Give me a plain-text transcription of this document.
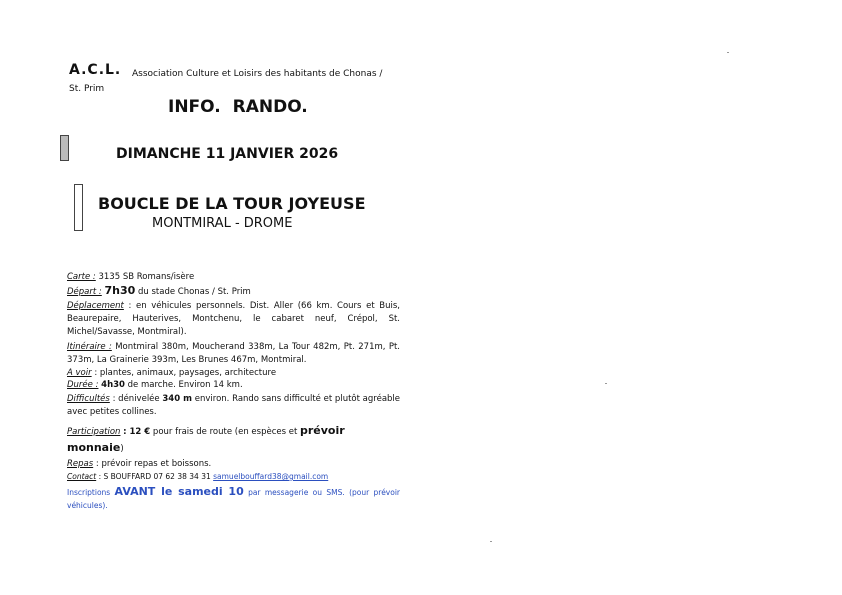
A.C.L. Association Culture et Loisirs des habitants de Chonas /
St. Prim
INFO. RANDO.
DIMANCHE 11 JANVIER 2026
BOUCLE DE LA TOUR JOYEUSE
MONTMIRAL - DROME
Carte : 3135 SB Romans/isère
Départ : 7h30 du stade Chonas / St. Prim
Déplacement : en véhicules personnels. Dist. Aller (66 km. Cours et Buis, Beaurepaire, Hauterives, Montchenu, le cabaret neuf, Crépol, St. Michel/Savasse, Montmiral).
Itinéraire : Montmiral 380m, Moucherand 338m, La Tour 482m, Pt. 271m, Pt. 373m, La Grainerie 393m, Les Brunes 467m, Montmiral.
A voir : plantes, animaux, paysages, architecture
Durée : 4h30 de marche. Environ 14 km.
Difficultés : dénivelée 340 m environ. Rando sans difficulté et plutôt agréable avec petites collines.
Participation : 12 € pour frais de route (en espèces et prévoir
monnaie)
Repas : prévoir repas et boissons.
Contact : S BOUFFARD 07 62 38 34 31 samuelbouffard38@gmail.com
Inscriptions AVANT le samedi 10 par messagerie ou SMS. (pour prévoir véhicules).
